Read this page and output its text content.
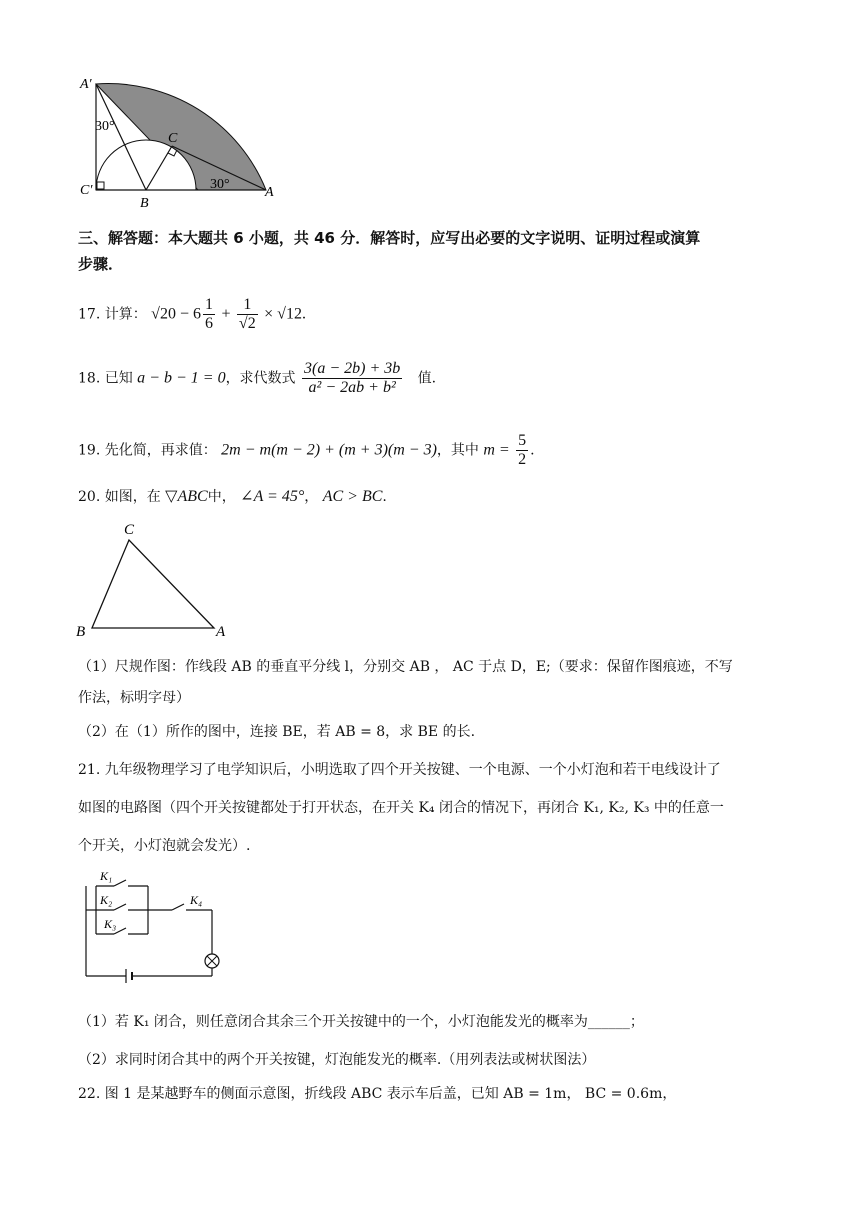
A′
30°
C
C′
B
30°
A
三、解答题：本大题共 6 小题，共 46 分．解答时，应写出必要的文字说明、证明过程或演算
步骤．
17. 计算： $√20 - 6 \frac{1}{6} + \frac{1}{√2} \times √12$.
18. 已知 a − b − 1 = 0，求代数式 $\frac{3(a - 2b) + 3b}{\text{a² − 2ab + b²}}$ 值.
19. 先化简，再求值： 2m − m(m − 2) + (m + 3)(m − 3)，其中 $m = \frac{5}{2}$ .
20. 如图，在 ▽ABC中， ∠A = 45°， AC > BC.
C
B	A
（1）尺规作图：作线段 AB 的垂直平分线 l，分别交 AB ， AC 于点 D，E;（要求：保留作图痕迹，不写
作法，标明字母）
（2）在（1）所作的图中，连接 BE，若 AB = 8，求 BE 的长.
21. 九年级物理学习了电学知识后，小明选取了四个开关按键、一个电源、一个小灯泡和若干电线设计了
如图的电路图（四个开关按键都处于打开状态，在开关 K₄ 闭合的情况下，再闭合 K₁, K₂, K₃ 中的任意一
个开关，小灯泡就会发光）.
K₁
K₂
K₃
K₄
（1）若 K₁ 闭合，则任意闭合其余三个开关按键中的一个，小灯泡能发光的概率为______；
（2）求同时闭合其中的两个开关按键，灯泡能发光的概率.（用列表法或树状图法）
22. 图 1 是某越野车的侧面示意图，折线段 ABC 表示车后盖，已知 AB = 1m， BC = 0.6m，
